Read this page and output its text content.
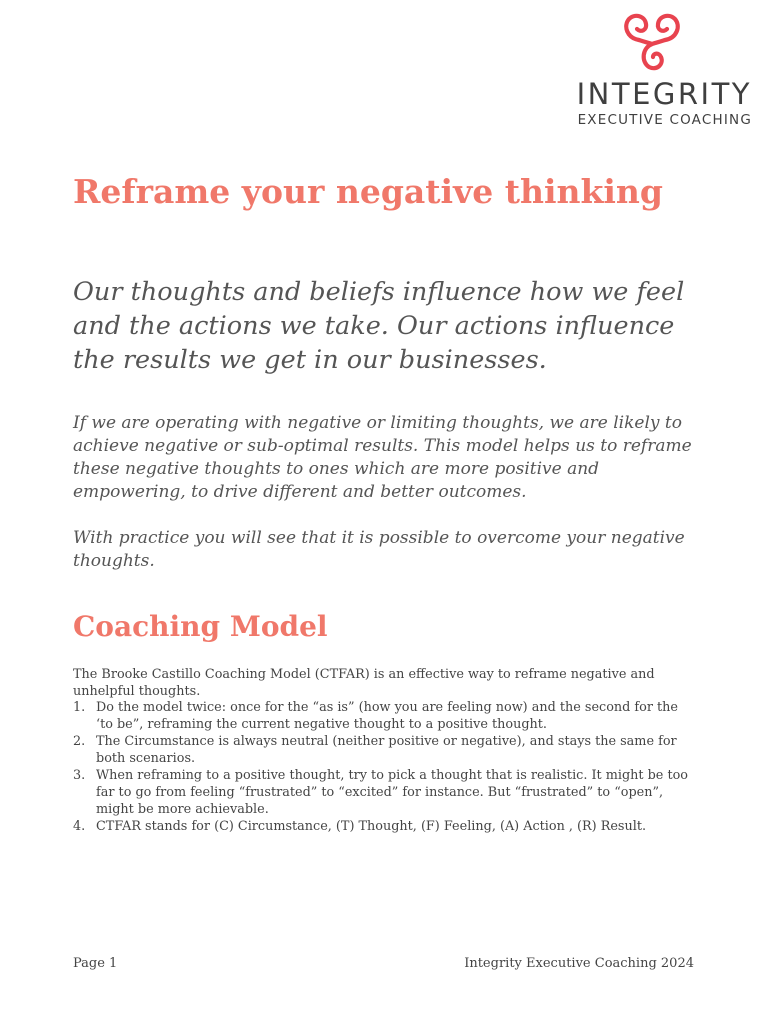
INTEGRITY
EXECUTIVE COACHING
Reframe your negative thinking

Our thoughts and beliefs influence how we feel and the actions we take. Our actions influence the results we get in our businesses.

If we are operating with negative or limiting thoughts, we are likely to achieve negative or sub-optimal results. This model helps us to reframe these negative thoughts to ones which are more positive and empowering, to drive different and better outcomes.

With practice you will see that it is possible to overcome your negative thoughts.

Coaching Model

The Brooke Castillo Coaching Model (CTFAR) is an effective way to reframe negative and unhelpful thoughts.

1. Do the model twice: once for the “as is” (how you are feeling now) and the second for the ‘to be”, reframing the current negative thought to a positive thought.
2. The Circumstance is always neutral (neither positive or negative), and stays the same for both scenarios.
3. When reframing to a positive thought, try to pick a thought that is realistic. It might be too far to go from feeling “frustrated” to “excited” for instance. But “frustrated” to “open”, might be more achievable.
4. CTFAR stands for (C) Circumstance, (T) Thought, (F) Feeling, (A) Action , (R) Result.
Page 1	Integrity Executive Coaching 2024
